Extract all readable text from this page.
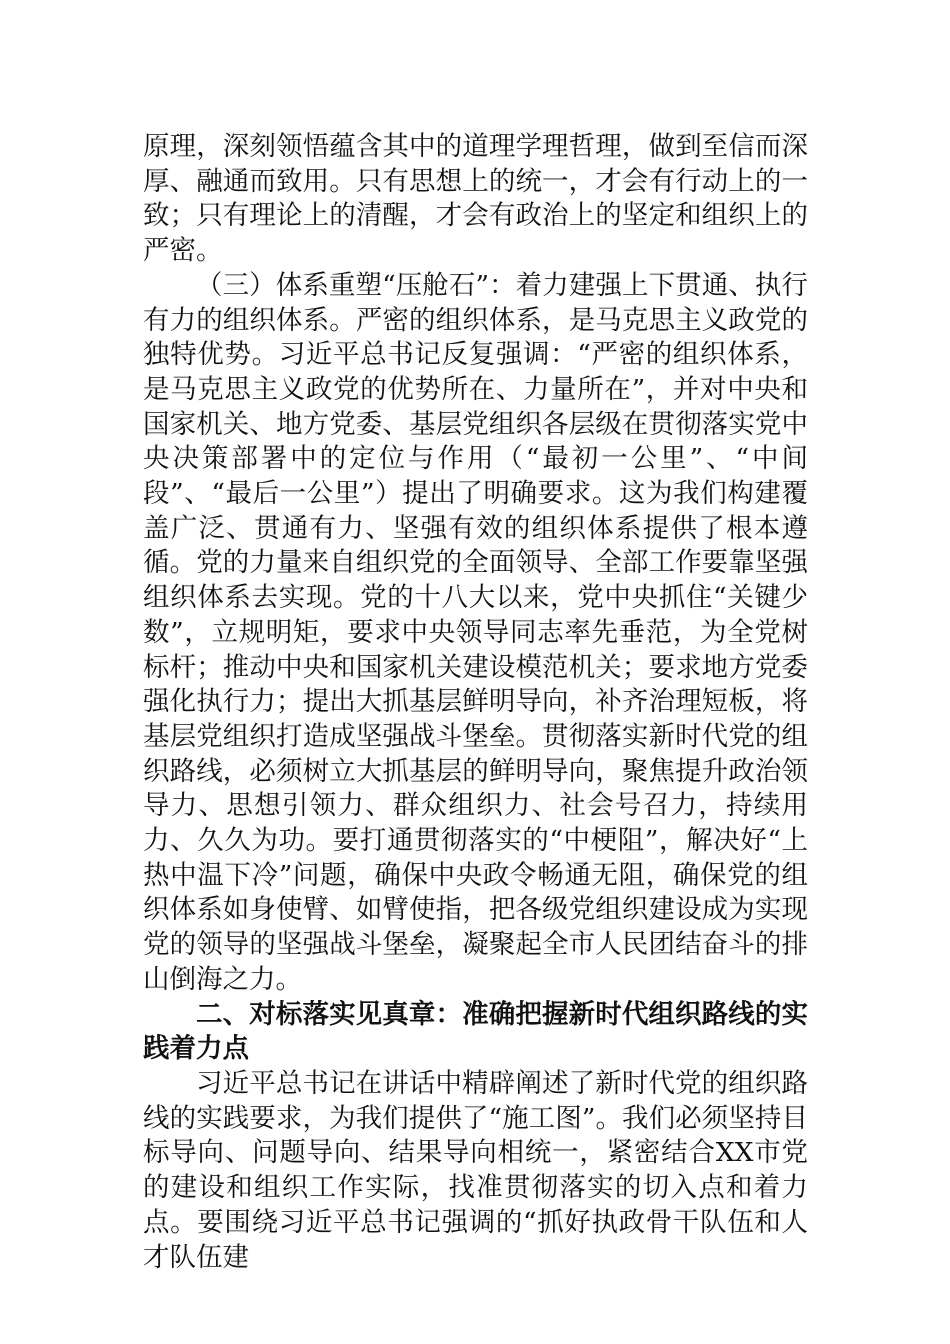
原理，深刻领悟蕴含其中的道理学理哲理，做到至信而深厚、融通而致用。只有思想上的统一，才会有行动上的一致；只有理论上的清醒，才会有政治上的坚定和组织上的严密。

（三）体系重塑“压舱石”：着力建强上下贯通、执行有力的组织体系。严密的组织体系，是马克思主义政党的独特优势。习近平总书记反复强调：“严密的组织体系，是马克思主义政党的优势所在、力量所在”，并对中央和国家机关、地方党委、基层党组织各层级在贯彻落实党中央决策部署中的定位与作用（“最初一公里”、“中间段”、“最后一公里”）提出了明确要求。这为我们构建覆盖广泛、贯通有力、坚强有效的组织体系提供了根本遵循。党的力量来自组织党的全面领导、全部工作要靠坚强组织体系去实现。党的十八大以来，党中央抓住“关键少数”，立规明矩，要求中央领导同志率先垂范，为全党树标杆；推动中央和国家机关建设模范机关；要求地方党委强化执行力；提出大抓基层鲜明导向，补齐治理短板，将基层党组织打造成坚强战斗堡垒。贯彻落实新时代党的组织路线，必须树立大抓基层的鲜明导向，聚焦提升政治领导力、思想引领力、群众组织力、社会号召力，持续用力、久久为功。要打通贯彻落实的“中梗阻”，解决好“上热中温下冷”问题，确保中央政令畅通无阻，确保党的组织体系如身使臂、如臂使指，把各级党组织建设成为实现党的领导的坚强战斗堡垒，凝聚起全市人民团结奋斗的排山倒海之力。

二、对标落实见真章：准确把握新时代组织路线的实践着力点

习近平总书记在讲话中精辟阐述了新时代党的组织路线的实践要求，为我们提供了“施工图”。我们必须坚持目标导向、问题导向、结果导向相统一，紧密结合XX市党的建设和组织工作实际，找准贯彻落实的切入点和着力点。要围绕习近平总书记强调的“抓好执政骨干队伍和人才队伍建
